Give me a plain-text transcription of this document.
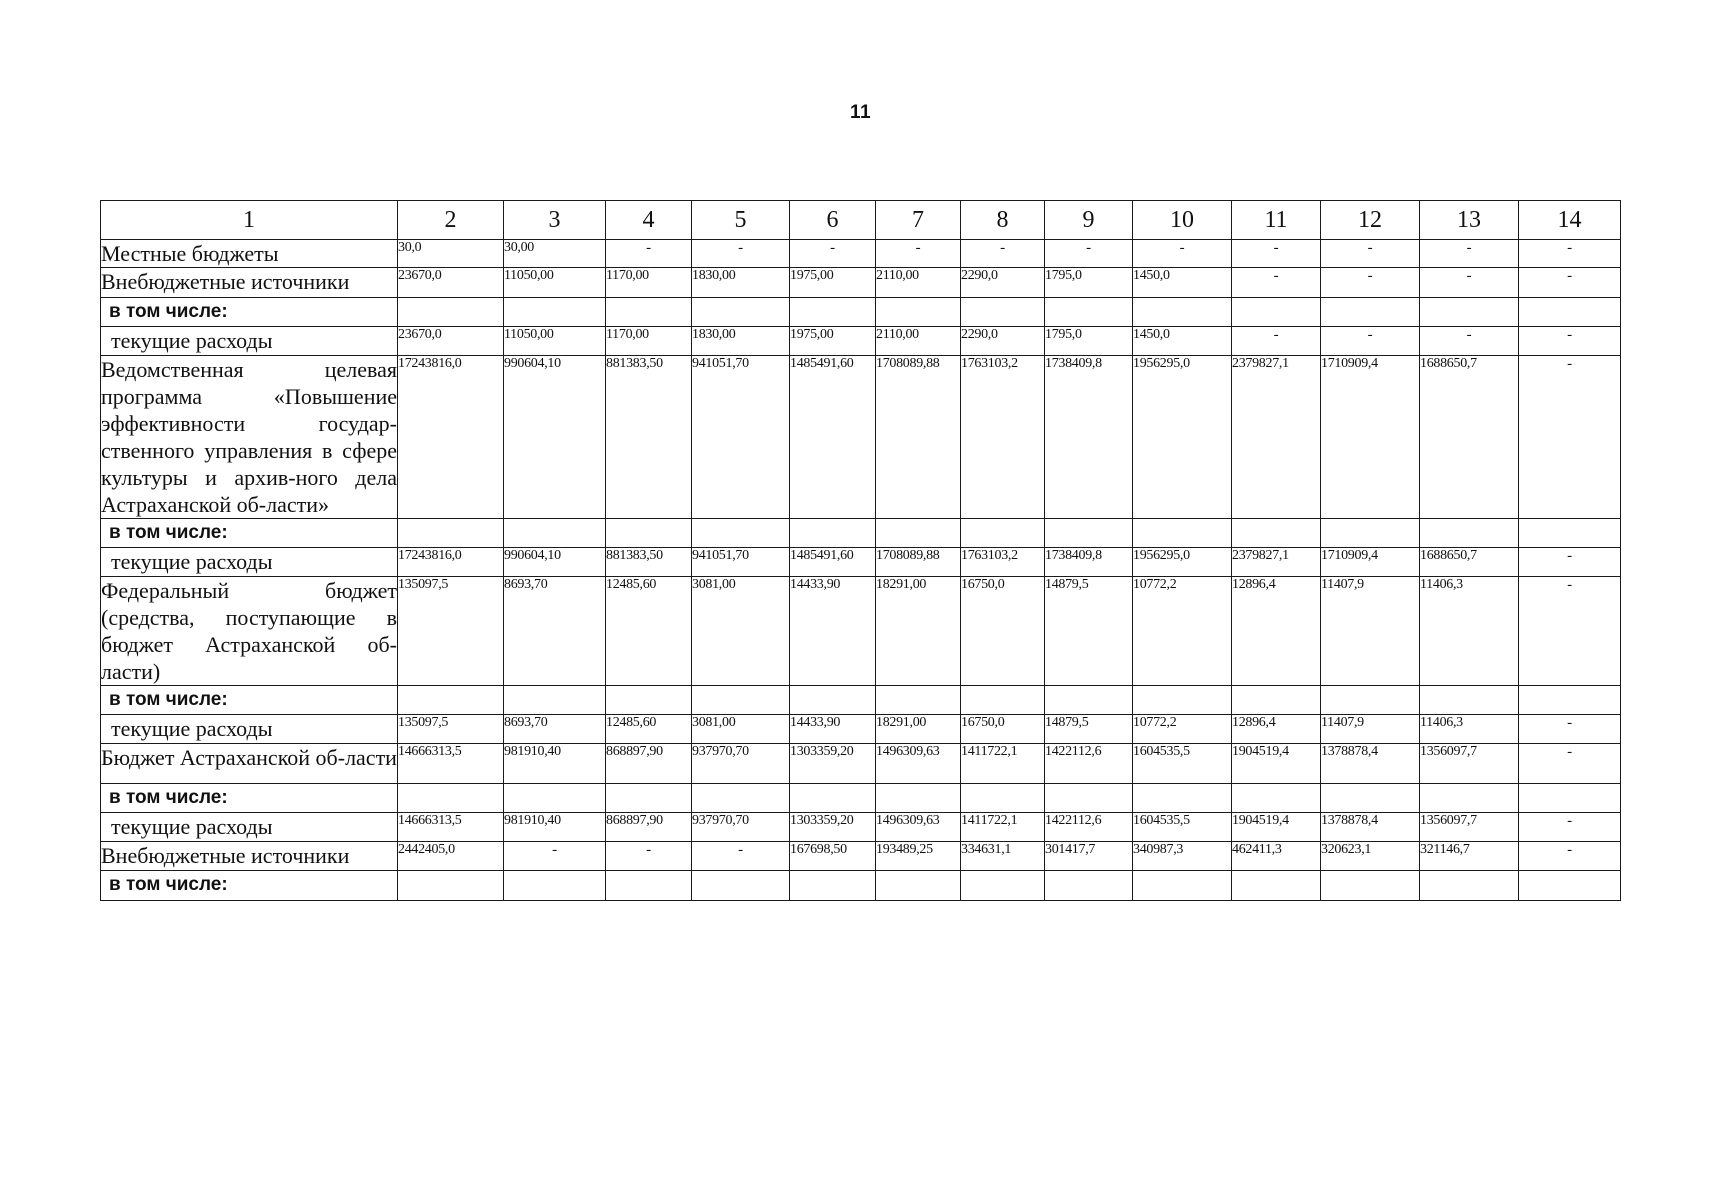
11
1	2	3	4	5	6	7	8	9	10	11	12	13	14
Местные бюджеты	30,0	30,00	-	-	-	-	-	-	-	-	-	-	-
Внебюджетные источники	23670,0	11050,00	1170,00	1830,00	1975,00	2110,00	2290,0	1795,0	1450,0	-	-	-	-
в том числе:													
текущие расходы	23670,0	11050,00	1170,00	1830,00	1975,00	2110,00	2290,0	1795,0	1450,0	-	-	-	-
Ведомственная целевая программа «Повышение эффективности государ-ственного управления в сфере культуры и архив-ного дела Астраханской об-ласти»	17243816,0	990604,10	881383,50	941051,70	1485491,60	1708089,88	1763103,2	1738409,8	1956295,0	2379827,1	1710909,4	1688650,7	-
в том числе:													
текущие расходы	17243816,0	990604,10	881383,50	941051,70	1485491,60	1708089,88	1763103,2	1738409,8	1956295,0	2379827,1	1710909,4	1688650,7	-
Федеральный бюджет (средства, поступающие в бюджет Астраханской об-ласти)	135097,5	8693,70	12485,60	3081,00	14433,90	18291,00	16750,0	14879,5	10772,2	12896,4	11407,9	11406,3	-
в том числе:													
текущие расходы	135097,5	8693,70	12485,60	3081,00	14433,90	18291,00	16750,0	14879,5	10772,2	12896,4	11407,9	11406,3	-
Бюджет Астраханской об-ласти	14666313,5	981910,40	868897,90	937970,70	1303359,20	1496309,63	1411722,1	1422112,6	1604535,5	1904519,4	1378878,4	1356097,7	-
в том числе:													
текущие расходы	14666313,5	981910,40	868897,90	937970,70	1303359,20	1496309,63	1411722,1	1422112,6	1604535,5	1904519,4	1378878,4	1356097,7	-
Внебюджетные источники	2442405,0	-	-	-	167698,50	193489,25	334631,1	301417,7	340987,3	462411,3	320623,1	321146,7	-
в том числе:													
